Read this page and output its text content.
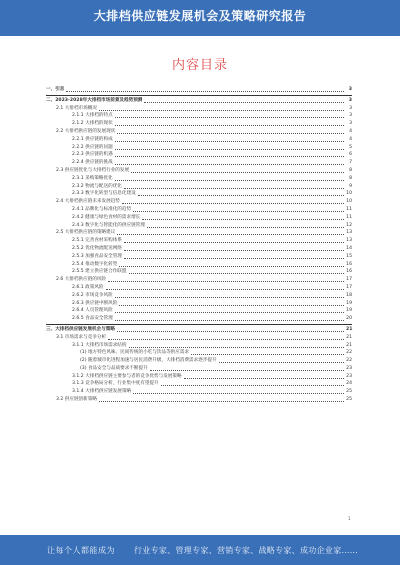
大排档供应链发展机会及策略研究报告
内容目录
一、引言	3
二、2023-2028年大排档市场前景及趋势预测	3
2.1 大排档市场概况	3
2.1.1 大排档的特点	3
2.1.2 大排档的现状	3
2.2 大排档供应链的发展现状	4
2.2.1 供应链的构成	4
2.2.2 供应链的问题	5
2.2.3 供应链的机遇	6
2.2.4 供应链的挑战	7
2.3 供应链优化与大排档行业的发展	8
2.3.1 采购策略优化	8
2.3.2 物流与配送的优化	9
2.3.3 数字化转型与信息化建设	10
2.4 大排档供应链未来发展趋势	10
2.4.1 品牌化与标准化的趋势	11
2.4.2 健康与绿色食材的需求增长	11
2.4.3 数字化与智能化的供应链管理	12
2.5 大排档供应链的策略建议	13
2.5.1 完善食材采购体系	13
2.5.2 优化物流配送网络	14
2.5.3 加强食品安全管理	15
2.5.4 推动数字化转型	16
2.5.5 建立供应链合作联盟	16
2.6 大排档供应链的风险	17
2.6.1 政策风险	17
2.6.2 市场竞争风险	18
2.6.3 供应链中断风险	19
2.6.4 人员管理风险	19
2.6.5 食品安全管理	20
三、大排档供应链发展机会与策略	21
3.1 市场需求与竞争分析	21
3.1.1 大排档市场需求结构	21
(1) 地方特色风味、民间传统的小吃与饮品等供应需求	22
(2) 随着城市化进程加速与居民消费升级，大排档消费需求逐步提升	22
(3) 食品安全与品质要求不断提升	23
3.1.2 大排档供应链主要参与者的竞争优势与发展策略	23
3.1.3 竞争格局分析，行业集中度有望提升	24
3.1.4 大排档供应链发展策略	25
3.2 供应链创新策略	25
1
让每个人都能成为 行业专家、管理专家、营销专家、战略专家、成功企业家……
